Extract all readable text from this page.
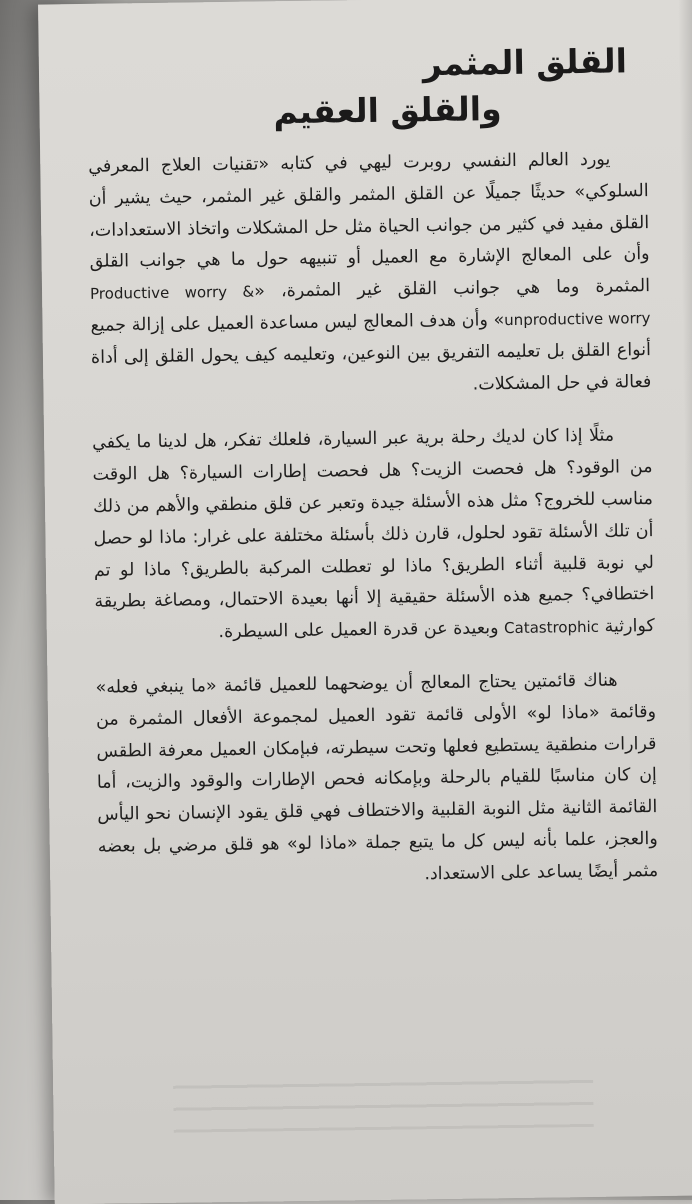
القلق المثمر
والقلق العقيم

يورد العالم النفسي روبرت ليهي في كتابه «تقنيات العلاج المعرفي السلوكي» حديثًا جميلًا عن القلق المثمر والقلق غير المثمر، حيث يشير أن القلق مفيد في كثير من جوانب الحياة مثل حل المشكلات واتخاذ الاستعدادات، وأن على المعالج الإشارة مع العميل أو تنبيهه حول ما هي جوانب القلق المثمرة وما هي جوانب القلق غير المثمرة، «Productive worry & unproductive worry» وأن هدف المعالج ليس مساعدة العميل على إزالة جميع أنواع القلق بل تعليمه التفريق بين النوعين، وتعليمه كيف يحول القلق إلى أداة فعالة في حل المشكلات.

مثلًا إذا كان لديك رحلة برية عبر السيارة، فلعلك تفكر، هل لدينا ما يكفي من الوقود؟ هل فحصت الزيت؟ هل فحصت إطارات السيارة؟ هل الوقت مناسب للخروج؟ مثل هذه الأسئلة جيدة وتعبر عن قلق منطقي والأهم من ذلك أن تلك الأسئلة تقود لحلول، قارن ذلك بأسئلة مختلفة على غرار: ماذا لو حصل لي نوبة قلبية أثناء الطريق؟ ماذا لو تعطلت المركبة بالطريق؟ ماذا لو تم اختطافي؟ جميع هذه الأسئلة حقيقية إلا أنها بعيدة الاحتمال، ومصاغة بطريقة كوارثية Catastrophic وبعيدة عن قدرة العميل على السيطرة.

هناك قائمتين يحتاج المعالج أن يوضحهما للعميل قائمة «ما ينبغي فعله» وقائمة «ماذا لو» الأولى قائمة تقود العميل لمجموعة الأفعال المثمرة من قرارات منطقية يستطيع فعلها وتحت سيطرته، فبإمكان العميل معرفة الطقس إن كان مناسبًا للقيام بالرحلة وبإمكانه فحص الإطارات والوقود والزيت، أما القائمة الثانية مثل النوبة القلبية والاختطاف فهي قلق يقود الإنسان نحو اليأس والعجز، علما بأنه ليس كل ما يتبع جملة «ماذا لو» هو قلق مرضي بل بعضه مثمر أيضًا يساعد على الاستعداد.
